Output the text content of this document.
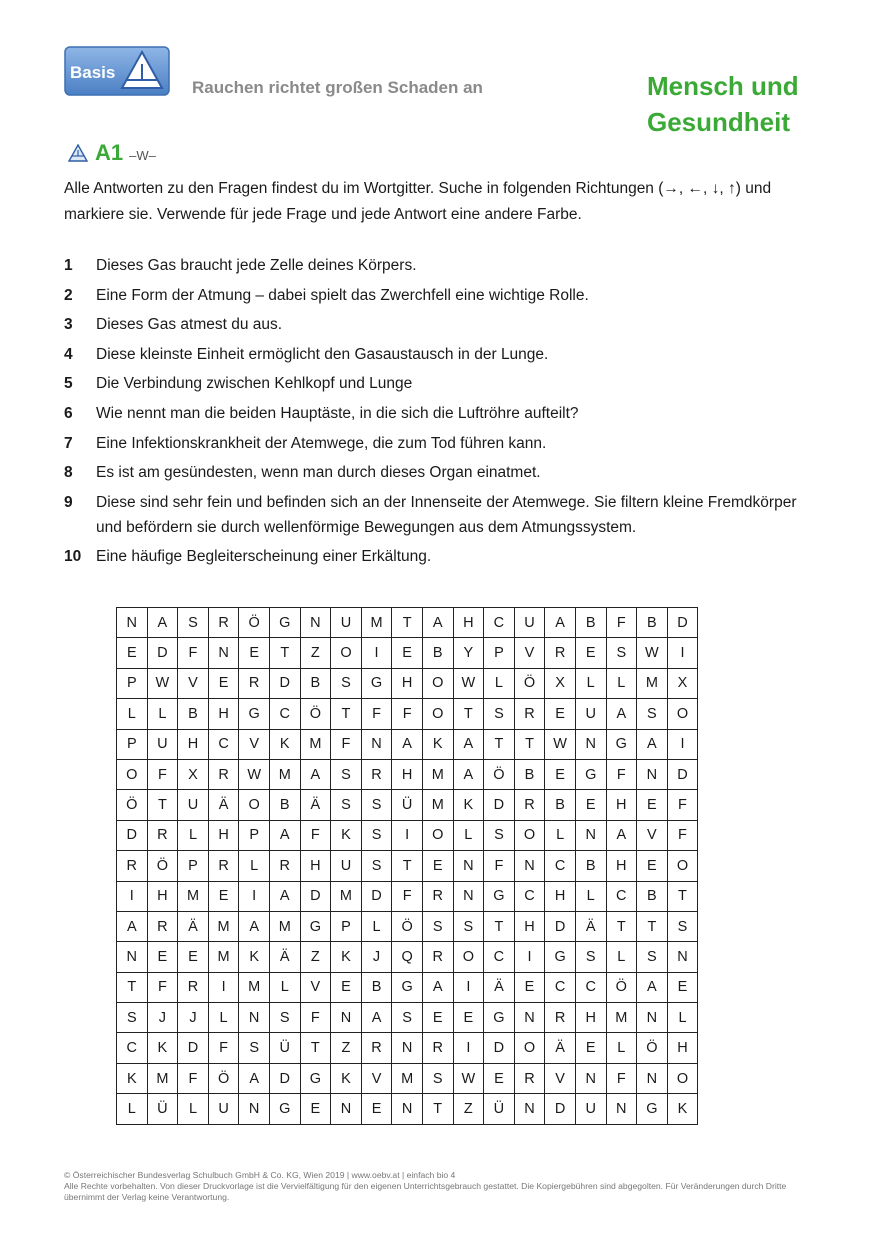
Basis
Rauchen richtet großen Schaden an	Mensch und
Gesundheit
A1 –W–
Alle Antworten zu den Fragen findest du im Wortgitter. Suche in folgenden Richtungen (→, ←, ↓, ↑) und markiere sie. Verwende für jede Frage und jede Antwort eine andere Farbe.
1	Dieses Gas braucht jede Zelle deines Körpers.
2	Eine Form der Atmung – dabei spielt das Zwerchfell eine wichtige Rolle.
3	Dieses Gas atmest du aus.
4	Diese kleinste Einheit ermöglicht den Gasaustausch in der Lunge.
5	Die Verbindung zwischen Kehlkopf und Lunge
6	Wie nennt man die beiden Hauptäste, in die sich die Luftröhre aufteilt?
7	Eine Infektionskrankheit der Atemwege, die zum Tod führen kann.
8	Es ist am gesündesten, wenn man durch dieses Organ einatmet.
9	Diese sind sehr fein und befinden sich an der Innenseite der Atemwege. Sie filtern kleine Fremdkörper und befördern sie durch wellenförmige Bewegungen aus dem Atmungssystem.
10 Eine häufige Begleiterscheinung einer Erkältung.
N	A	S	R	Ö	G	N	U	M	T	A	H	C	U	A	B	F	B	D
E	D	F	N	E	T	Z	O	I	E	B	Y	P	V	R	E	S	W	I
P	W	V	E	R	D	B	S	G	H	O	W	L	Ö	X	L	L	M	X
L	L	B	H	G	C	Ö	T	F	F	O	T	S	R	E	U	A	S	O
P	U	H	C	V	K	M	F	N	A	K	A	T	T	W	N	G	A	I
O	F	X	R	W	M	A	S	R	H	M	A	Ö	B	E	G	F	N	D
Ö	T	U	Ä	O	B	Ä	S	S	Ü	M	K	D	R	B	E	H	E	F
D	R	L	H	P	A	F	K	S	I	O	L	S	O	L	N	A	V	F
R	Ö	P	R	L	R	H	U	S	T	E	N	F	N	C	B	H	E	O
I	H	M	E	I	A	D	M	D	F	R	N	G	C	H	L	C	B	T
A	R	Ä	M	A	M	G	P	L	Ö	S	S	T	H	D	Ä	T	T	S
N	E	E	M	K	Ä	Z	K	J	Q	R	O	C	I	G	S	L	S	N
T	F	R	I	M	L	V	E	B	G	A	I	Ä	E	C	C	Ö	A	E
S	J	J	L	N	S	F	N	A	S	E	E	G	N	R	H	M	N	L
C	K	D	F	S	Ü	T	Z	R	N	R	I	D	O	Ä	E	L	Ö	H
K	M	F	Ö	A	D	G	K	V	M	S	W	E	R	V	N	F	N	O
L	Ü	L	U	N	G	E	N	E	N	T	Z	Ü	N	D	U	N	G	K
© Österreichischer Bundesverlag Schulbuch GmbH & Co. KG, Wien 2019 | www.oebv.at | einfach bio 4
Alle Rechte vorbehalten. Von dieser Druckvorlage ist die Vervielfältigung für den eigenen Unterrichtsgebrauch gestattet. Die Kopiergebühren sind abgegolten. Für Veränderungen durch Dritte übernimmt der Verlag keine Verantwortung.
